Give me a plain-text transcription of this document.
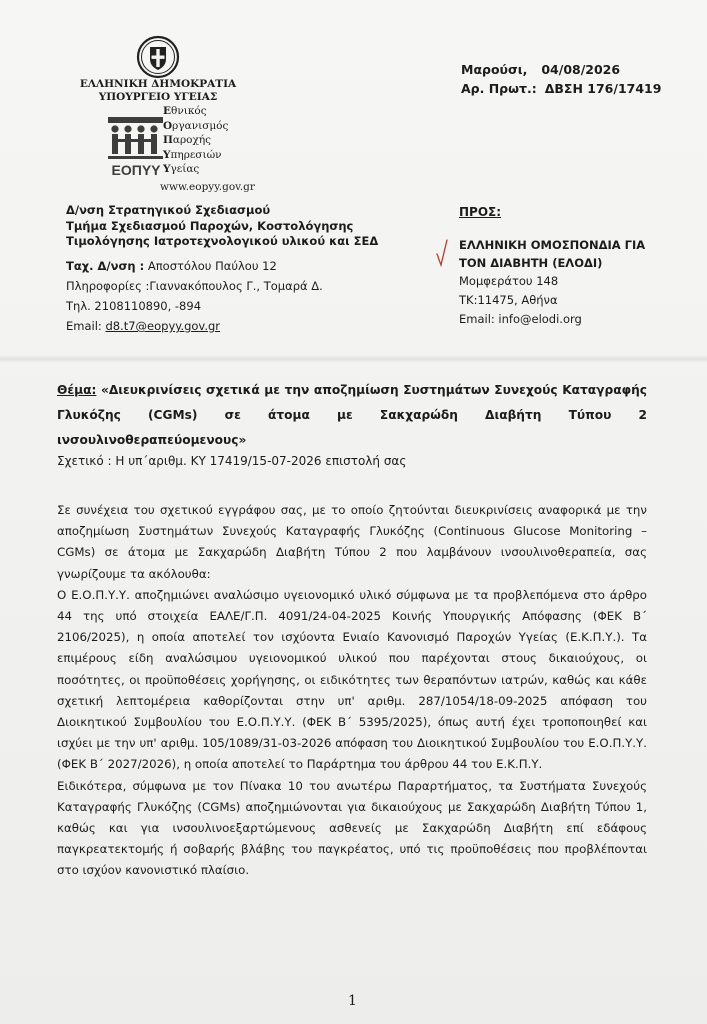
ΕΛΛΗΝΙΚΗ ΔΗΜΟΚΡΑΤΙΑ
ΥΠΟΥΡΓΕΙΟ ΥΓΕΙΑΣ
ΕΟΠΥΥ
Εθνικός
Οργανισμός
Παροχής
Υπηρεσιών
Υγείας
www.eopyy.gov.gr
Μαρούσι, 04/08/2026
Αρ. Πρωτ.: ΔΒΣΗ 176/17419
Δ/νση Στρατηγικού Σχεδιασμού
Τμήμα Σχεδιασμού Παροχών, Κοστολόγησης
Τιμολόγησης Ιατροτεχνολογικού υλικού και ΣΕΔ
Ταχ. Δ/νση : Αποστόλου Παύλου 12
Πληροφορίες :Γιαννακόπουλος Γ., Τομαρά Δ.
Τηλ. 2108110890, -894
Email: d8.t7@eopyy.gov.gr
ΠΡΟΣ:
ΕΛΛΗΝΙΚΗ ΟΜΟΣΠΟΝΔΙΑ ΓΙΑ
ΤΟΝ ΔΙΑΒΗΤΗ (ΕΛΟΔΙ)
Μομφεράτου 148
ΤΚ:11475, Αθήνα
Email: info@elodi.org
Θέμα: «Διευκρινίσεις σχετικά με την αποζημίωση Συστημάτων Συνεχούς Καταγραφής Γλυκόζης (CGMs) σε άτομα με Σακχαρώδη Διαβήτη Τύπου 2 ινσουλινοθεραπεύομενους»
Σχετικό : Η υπ΄αριθμ. ΚΥ 17419/15-07-2026 επιστολή σας

Σε συνέχεια του σχετικού εγγράφου σας, με το οποίο ζητούνται διευκρινίσεις αναφορικά με την αποζημίωση Συστημάτων Συνεχούς Καταγραφής Γλυκόζης (Continuous Glucose Monitoring – CGMs) σε άτομα με Σακχαρώδη Διαβήτη Τύπου 2 που λαμβάνουν ινσουλινοθεραπεία, σας γνωρίζουμε τα ακόλουθα:

Ο Ε.Ο.Π.Υ.Υ. αποζημιώνει αναλώσιμο υγειονομικό υλικό σύμφωνα με τα προβλεπόμενα στο άρθρο 44 της υπό στοιχεία ΕΑΛΕ/Γ.Π. 4091/24-04-2025 Κοινής Υπουργικής Απόφασης (ΦΕΚ Β΄ 2106/2025), η οποία αποτελεί τον ισχύοντα Ενιαίο Κανονισμό Παροχών Υγείας (Ε.Κ.Π.Υ.). Τα επιμέρους είδη αναλώσιμου υγειονομικού υλικού που παρέχονται στους δικαιούχους, οι ποσότητες, οι προϋποθέσεις χορήγησης, οι ειδικότητες των θεραπόντων ιατρών, καθώς και κάθε σχετική λεπτομέρεια καθορίζονται στην υπ' αριθμ. 287/1054/18-09-2025 απόφαση του Διοικητικού Συμβουλίου του Ε.Ο.Π.Υ.Υ. (ΦΕΚ Β΄ 5395/2025), όπως αυτή έχει τροποποιηθεί και ισχύει με την υπ' αριθμ. 105/1089/31-03-2026 απόφαση του Διοικητικού Συμβουλίου του Ε.Ο.Π.Υ.Υ. (ΦΕΚ Β΄ 2027/2026), η οποία αποτελεί το Παράρτημα του άρθρου 44 του Ε.Κ.Π.Υ.

Ειδικότερα, σύμφωνα με τον Πίνακα 10 του ανωτέρω Παραρτήματος, τα Συστήματα Συνεχούς Καταγραφής Γλυκόζης (CGMs) αποζημιώνονται για δικαιούχους με Σακχαρώδη Διαβήτη Τύπου 1, καθώς και για ινσουλινοεξαρτώμενους ασθενείς με Σακχαρώδη Διαβήτη επί εδάφους παγκρεατεκτομής ή σοβαρής βλάβης του παγκρέατος, υπό τις προϋποθέσεις που προβλέπονται στο ισχύον κανονιστικό πλαίσιο.

1
